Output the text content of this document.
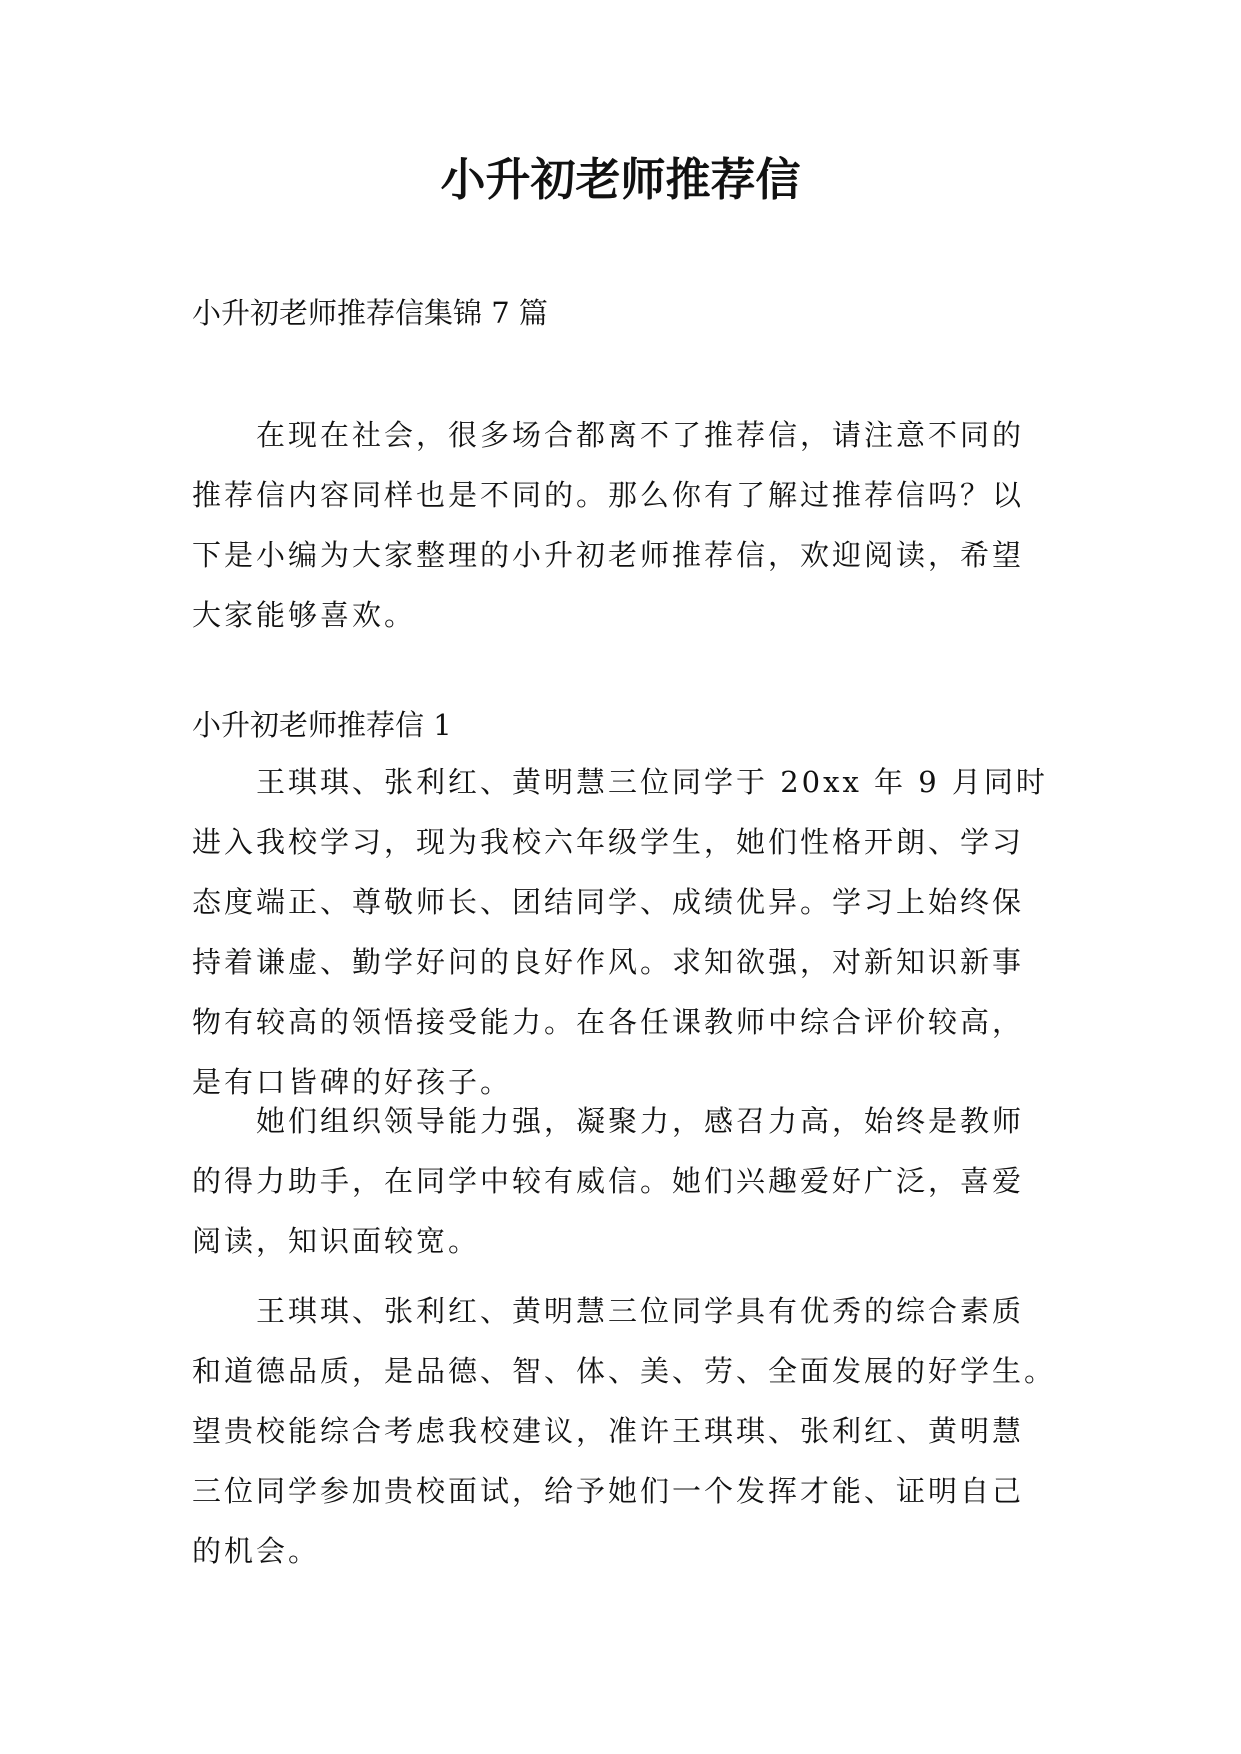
小升初老师推荐信
小升初老师推荐信集锦 7 篇
　　在现在社会，很多场合都离不了推荐信，请注意不同的
推荐信内容同样也是不同的。那么你有了解过推荐信吗？以
下是小编为大家整理的小升初老师推荐信，欢迎阅读，希望
大家能够喜欢。
小升初老师推荐信 1
　　王琪琪、张利红、黄明慧三位同学于 20xx 年 9 月同时
进入我校学习，现为我校六年级学生，她们性格开朗、学习
态度端正、尊敬师长、团结同学、成绩优异。学习上始终保
持着谦虚、勤学好问的良好作风。求知欲强，对新知识新事
物有较高的领悟接受能力。在各任课教师中综合评价较高，
是有口皆碑的好孩子。
　　她们组织领导能力强，凝聚力，感召力高，始终是教师
的得力助手，在同学中较有威信。她们兴趣爱好广泛，喜爱
阅读，知识面较宽。
　　王琪琪、张利红、黄明慧三位同学具有优秀的综合素质
和道德品质，是品德、智、体、美、劳、全面发展的好学生。
望贵校能综合考虑我校建议，准许王琪琪、张利红、黄明慧
三位同学参加贵校面试，给予她们一个发挥才能、证明自己
的机会。
